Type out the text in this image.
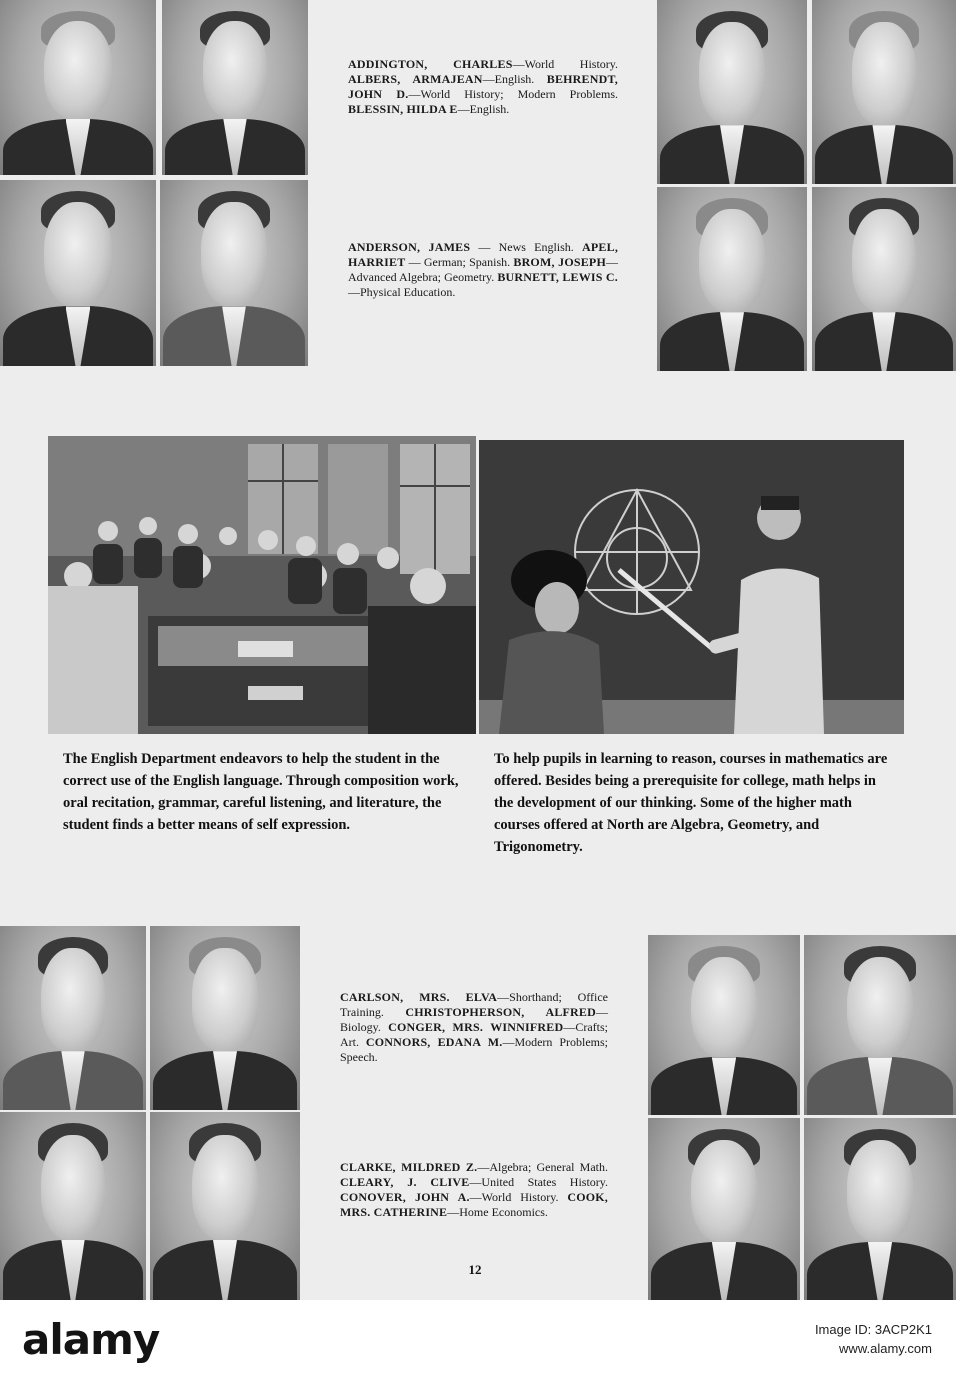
ADDINGTON, CHARLES—World History. ALBERS, ARMAJEAN—English. BEHRENDT, JOHN D.—World History; Modern Problems. BLESSIN, HILDA E—English.

ANDERSON, JAMES — News English. APEL, HARRIET — German; Spanish. BROM, JOSEPH—Advanced Algebra; Geometry. BURNETT, LEWIS C.—Physical Education.

The English Department endeavors to help the student in the correct use of the English language. Through composition work, oral recitation, grammar, careful listening, and literature, the student finds a better means of self expression.

To help pupils in learning to reason, courses in mathematics are offered. Besides being a prerequisite for college, math helps in the development of our thinking. Some of the higher math courses offered at North are Algebra, Geometry, and Trigonometry.

CARLSON, MRS. ELVA—Shorthand; Office Training. CHRISTOPHERSON, ALFRED—Biology. CONGER, MRS. WINNIFRED—Crafts; Art. CONNORS, EDANA M.—Modern Problems; Speech.

CLARKE, MILDRED Z.—Algebra; General Math. CLEARY, J. CLIVE—United States History. CONOVER, JOHN A.—World History. COOK, MRS. CATHERINE—Home Economics.

12
alamy	Image ID: 3ACP2K1
www.alamy.com
